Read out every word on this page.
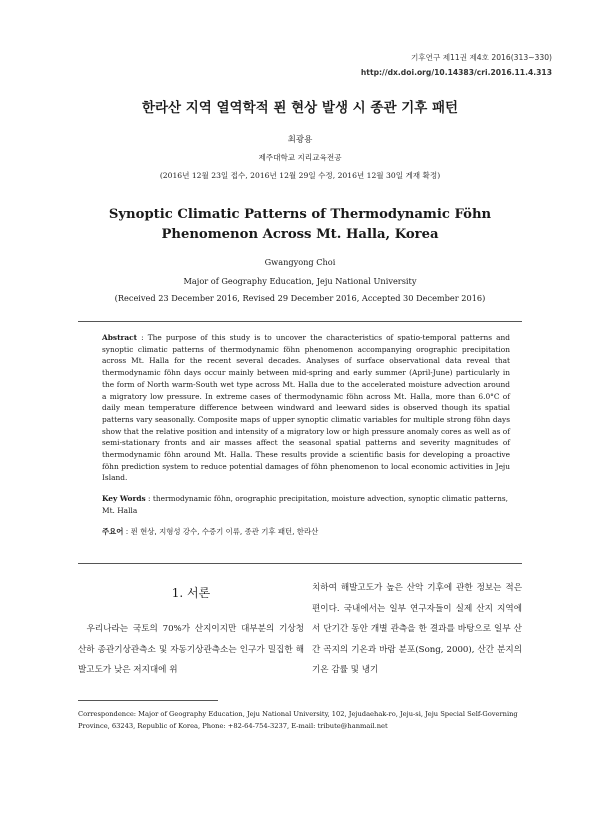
기후연구 제11권 제4호 2016(313~330)
http://dx.doi.org/10.14383/cri.2016.11.4.313
한라산 지역 열역학적 푄 현상 발생 시 종관 기후 패턴
최광용
제주대학교 지리교육전공
(2016년 12월 23일 접수, 2016년 12월 29일 수정, 2016년 12월 30일 게재 확정)
Synoptic Climatic Patterns of Thermodynamic Föhn Phenomenon Across Mt. Halla, Korea
Gwangyong Choi
Major of Geography Education, Jeju National University
(Received 23 December 2016, Revised 29 December 2016, Accepted 30 December 2016)

Abstract : The purpose of this study is to uncover the characteristics of spatio-temporal patterns and synoptic climatic patterns of thermodynamic föhn phenomenon accompanying orographic precipitation across Mt. Halla for the recent several decades. Analyses of surface observational data reveal that thermodynamic föhn days occur mainly between mid-spring and early summer (April-June) particularly in the form of North warm-South wet type across Mt. Halla due to the accelerated moisture advection around a migratory low pressure. In extreme cases of thermodynamic föhn across Mt. Halla, more than 6.0°C of daily mean temperature difference between windward and leeward sides is observed though its spatial patterns vary seasonally. Composite maps of upper synoptic climatic variables for multiple strong föhn days show that the relative position and intensity of a migratory low or high pressure anomaly cores as well as of semi-stationary fronts and air masses affect the seasonal spatial patterns and severity magnitudes of thermodynamic föhn around Mt. Halla. These results provide a scientific basis for developing a proactive föhn prediction system to reduce potential damages of föhn phenomenon to local economic activities in Jeju Island.

Key Words : thermodynamic föhn, orographic precipitation, moisture advection, synoptic climatic patterns, Mt. Halla

주요어 : 푄 현상, 지형성 강수, 수증기 이류, 종관 기후 패턴, 한라산

1. 서론

우리나라는 국토의 70%가 산지이지만 대부분의 기상청 산하 종관기상관측소 및 자동기상관측소는 인구가 밀집한 해발고도가 낮은 저지대에 위

치하여 해발고도가 높은 산악 기후에 관한 정보는 적은 편이다. 국내에서는 일부 연구자들이 실제 산지 지역에서 단기간 동안 개별 관측을 한 결과를 바탕으로 일부 산간 곡지의 기온과 바람 분포(Song, 2000), 산간 분지의 기온 감률 및 냉기

Correspondence: Major of Geography Education, Jeju National University, 102, Jejudaehak-ro, Jeju-si, Jeju Special Self-Governing Province, 63243, Republic of Korea, Phone: +82-64-754-3237, E-mail: tribute@hanmail.net
